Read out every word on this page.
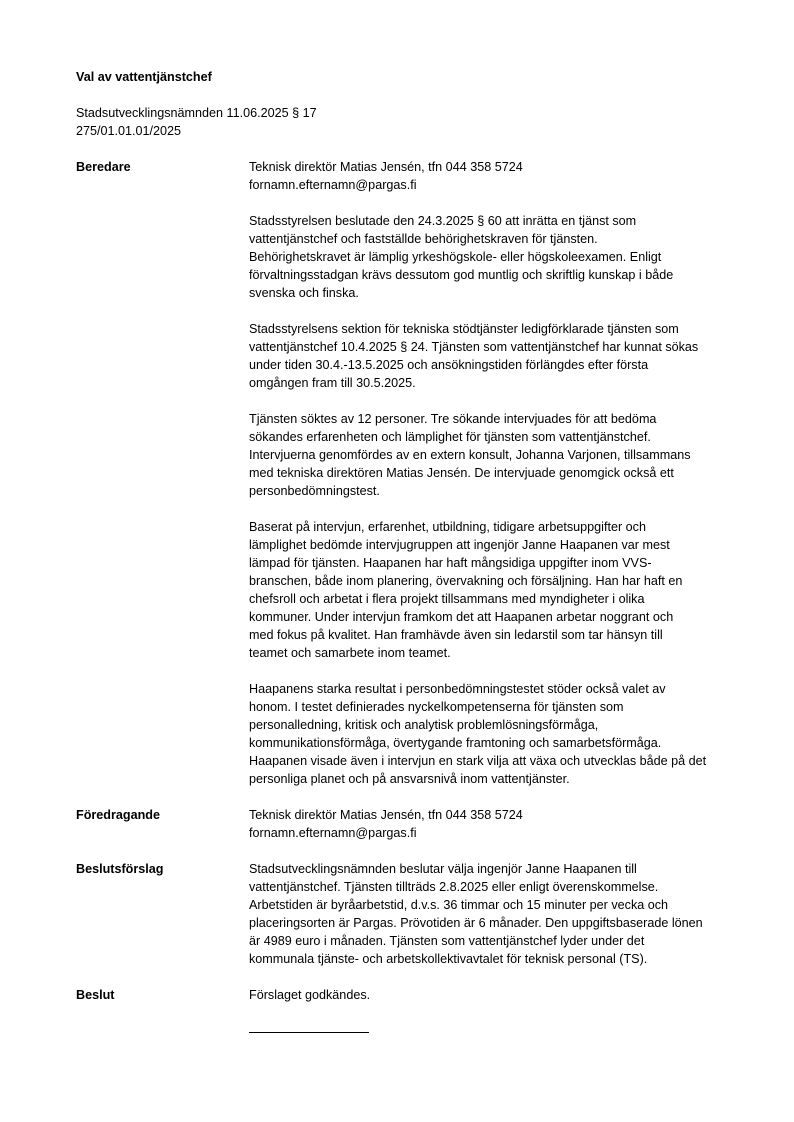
Val av vattentjänstchef
Stadsutvecklingsnämnden 11.06.2025 § 17
275/01.01.01/2025
Beredare	Teknisk direktör Matias Jensén, tfn 044 358 5724
fornamn.efternamn@pargas.fi

Stadsstyrelsen beslutade den 24.3.2025 § 60 att inrätta en tjänst som
vattentjänstchef och fastställde behörighetskraven för tjänsten.
Behörighetskravet är lämplig yrkeshögskole- eller högskoleexamen. Enligt
förvaltningsstadgan krävs dessutom god muntlig och skriftlig kunskap i både
svenska och finska.

Stadsstyrelsens sektion för tekniska stödtjänster ledigförklarade tjänsten som
vattentjänstchef 10.4.2025 § 24. Tjänsten som vattentjänstchef har kunnat sökas
under tiden 30.4.-13.5.2025 och ansökningstiden förlängdes efter första
omgången fram till 30.5.2025.

Tjänsten söktes av 12 personer. Tre sökande intervjuades för att bedöma
sökandes erfarenheten och lämplighet för tjänsten som vattentjänstchef.
Intervjuerna genomfördes av en extern konsult, Johanna Varjonen, tillsammans
med tekniska direktören Matias Jensén. De intervjuade genomgick också ett
personbedömningstest.

Baserat på intervjun, erfarenhet, utbildning, tidigare arbetsuppgifter och
lämplighet bedömde intervjugruppen att ingenjör Janne Haapanen var mest
lämpad för tjänsten. Haapanen har haft mångsidiga uppgifter inom VVS-
branschen, både inom planering, övervakning och försäljning. Han har haft en
chefsroll och arbetat i flera projekt tillsammans med myndigheter i olika
kommuner. Under intervjun framkom det att Haapanen arbetar noggrant och
med fokus på kvalitet. Han framhävde även sin ledarstil som tar hänsyn till
teamet och samarbete inom teamet.

Haapanens starka resultat i personbedömningstestet stöder också valet av
honom. I testet definierades nyckelkompetenserna för tjänsten som
personalledning, kritisk och analytisk problemlösningsförmåga,
kommunikationsförmåga, övertygande framtoning och samarbetsförmåga.
Haapanen visade även i intervjun en stark vilja att växa och utvecklas både på det
personliga planet och på ansvarsnivå inom vattentjänster.

Föredragande	Teknisk direktör Matias Jensén, tfn 044 358 5724
fornamn.efternamn@pargas.fi

Beslutsförslag	Stadsutvecklingsnämnden beslutar välja ingenjör Janne Haapanen till
vattentjänstchef. Tjänsten tillträds 2.8.2025 eller enligt överenskommelse.
Arbetstiden är byråarbetstid, d.v.s. 36 timmar och 15 minuter per vecka och
placeringsorten är Pargas. Prövotiden är 6 månader. Den uppgiftsbaserade lönen
är 4989 euro i månaden. Tjänsten som vattentjänstchef lyder under det
kommunala tjänste- och arbetskollektivavtalet för teknisk personal (TS).

Beslut	Förslaget godkändes.
